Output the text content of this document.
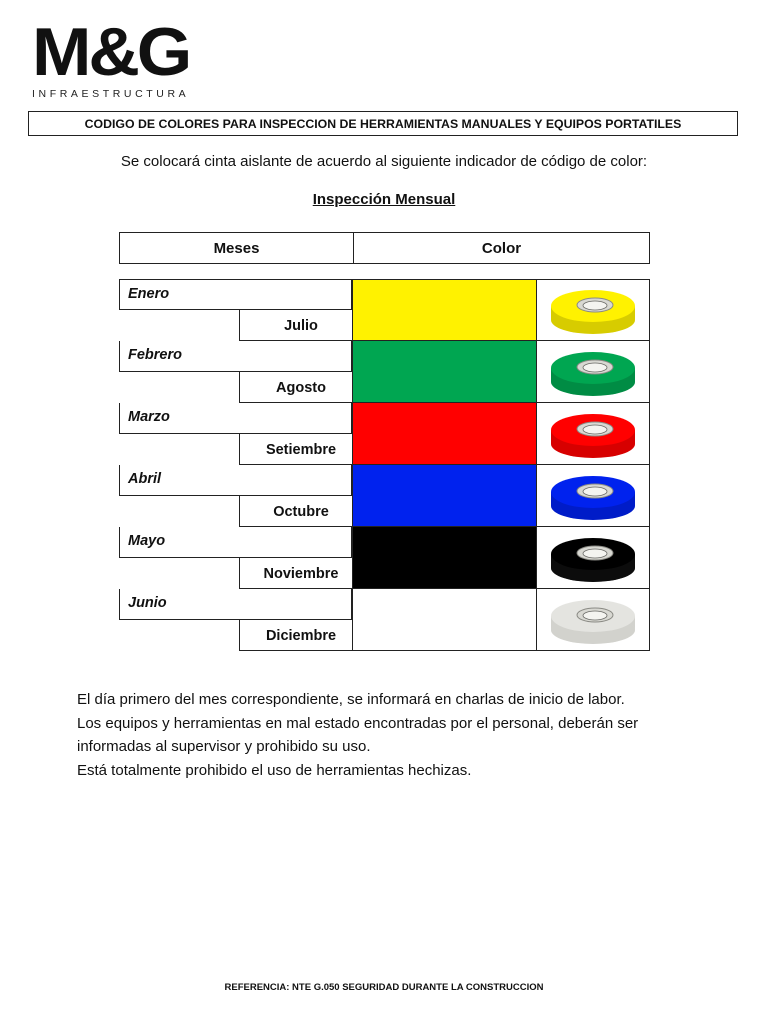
M&G
INFRAESTRUCTURA
CODIGO DE COLORES PARA INSPECCION DE HERRAMIENTAS MANUALES Y EQUIPOS PORTATILES
Se colocará cinta aislante de acuerdo al siguiente indicador de código de color:
Inspección Mensual
Meses	Color
Enero
Julio
Febrero
Agosto
Marzo
Setiembre
Abril
Octubre
Mayo
Noviembre
Junio
Diciembre

El día primero del mes correspondiente, se informará en charlas de inicio de labor.

Los equipos y herramientas en mal estado encontradas por el personal, deberán ser

informadas al supervisor y prohibido su uso.

Está totalmente prohibido el uso de herramientas hechizas.

REFERENCIA: NTE G.050 SEGURIDAD DURANTE LA CONSTRUCCION
